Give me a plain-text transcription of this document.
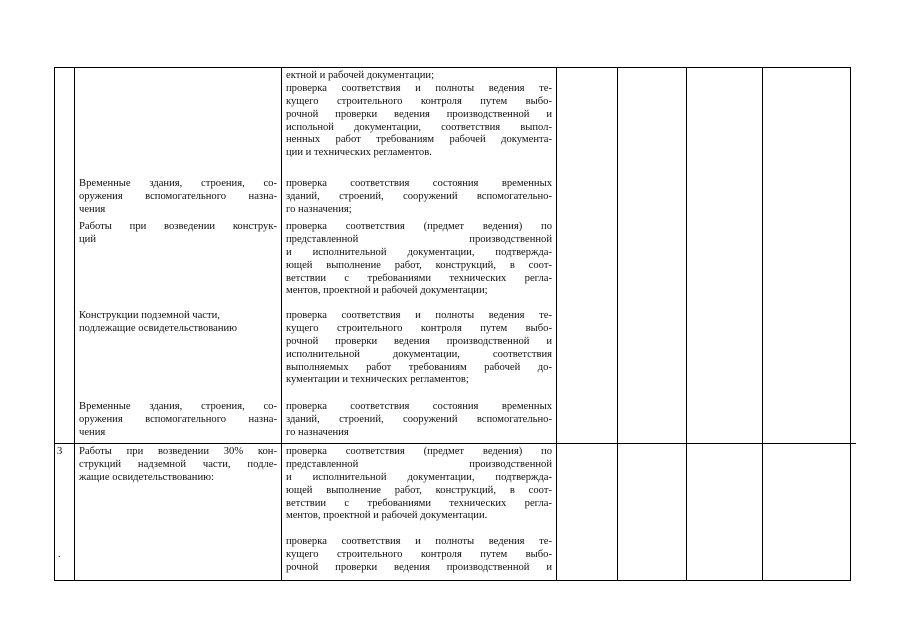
Временные здания, строения, со-
оружения вспомогательного назна-
чения
Работы при возведении конструк-
ций
Конструкции подземной части,
подлежащие освидетельствованию
Временные здания, строения, со-
оружения вспомогательного назна-
чения
ектной и рабочей документации;
проверка соответствия и полноты ведения те-
кущего строительного контроля путем выбо-
рочной проверки ведения производственной и
испольной документации, соответствия выпол-
ненных работ требованиям рабочей документа-
ции и технических регламентов.
проверка соответствия состояния временных
зданий, строений, сооружений вспомогательно-
го назначения;
проверка соответствия (предмет ведения) по
представленной производственной
и исполнительной документации, подтвержда-
ющей выполнение работ, конструкций, в соот-
ветствии с требованиями технических регла-
ментов, проектной и рабочей документации;
проверка соответствия и полноты ведения те-
кущего строительного контроля путем выбо-
рочной проверки ведения производственной и
исполнительной документации, соответствия
выполняемых работ требованиям рабочей до-
кументации и технических регламентов;
проверка соответствия состояния временных
зданий, строений, сооружений вспомогательно-
го назначения
3
.
Работы при возведении 30% кон-
струкций надземной части, подле-
жащие освидетельствованию:
проверка соответствия (предмет ведения) по
представленной производственной
и исполнительной документации, подтвержда-
ющей выполнение работ, конструкций, в соот-
ветствии с требованиями технических регла-
ментов, проектной и рабочей документации.
проверка соответствия и полноты ведения те-
кущего строительного контроля путем выбо-
рочной проверки ведения производственной и
